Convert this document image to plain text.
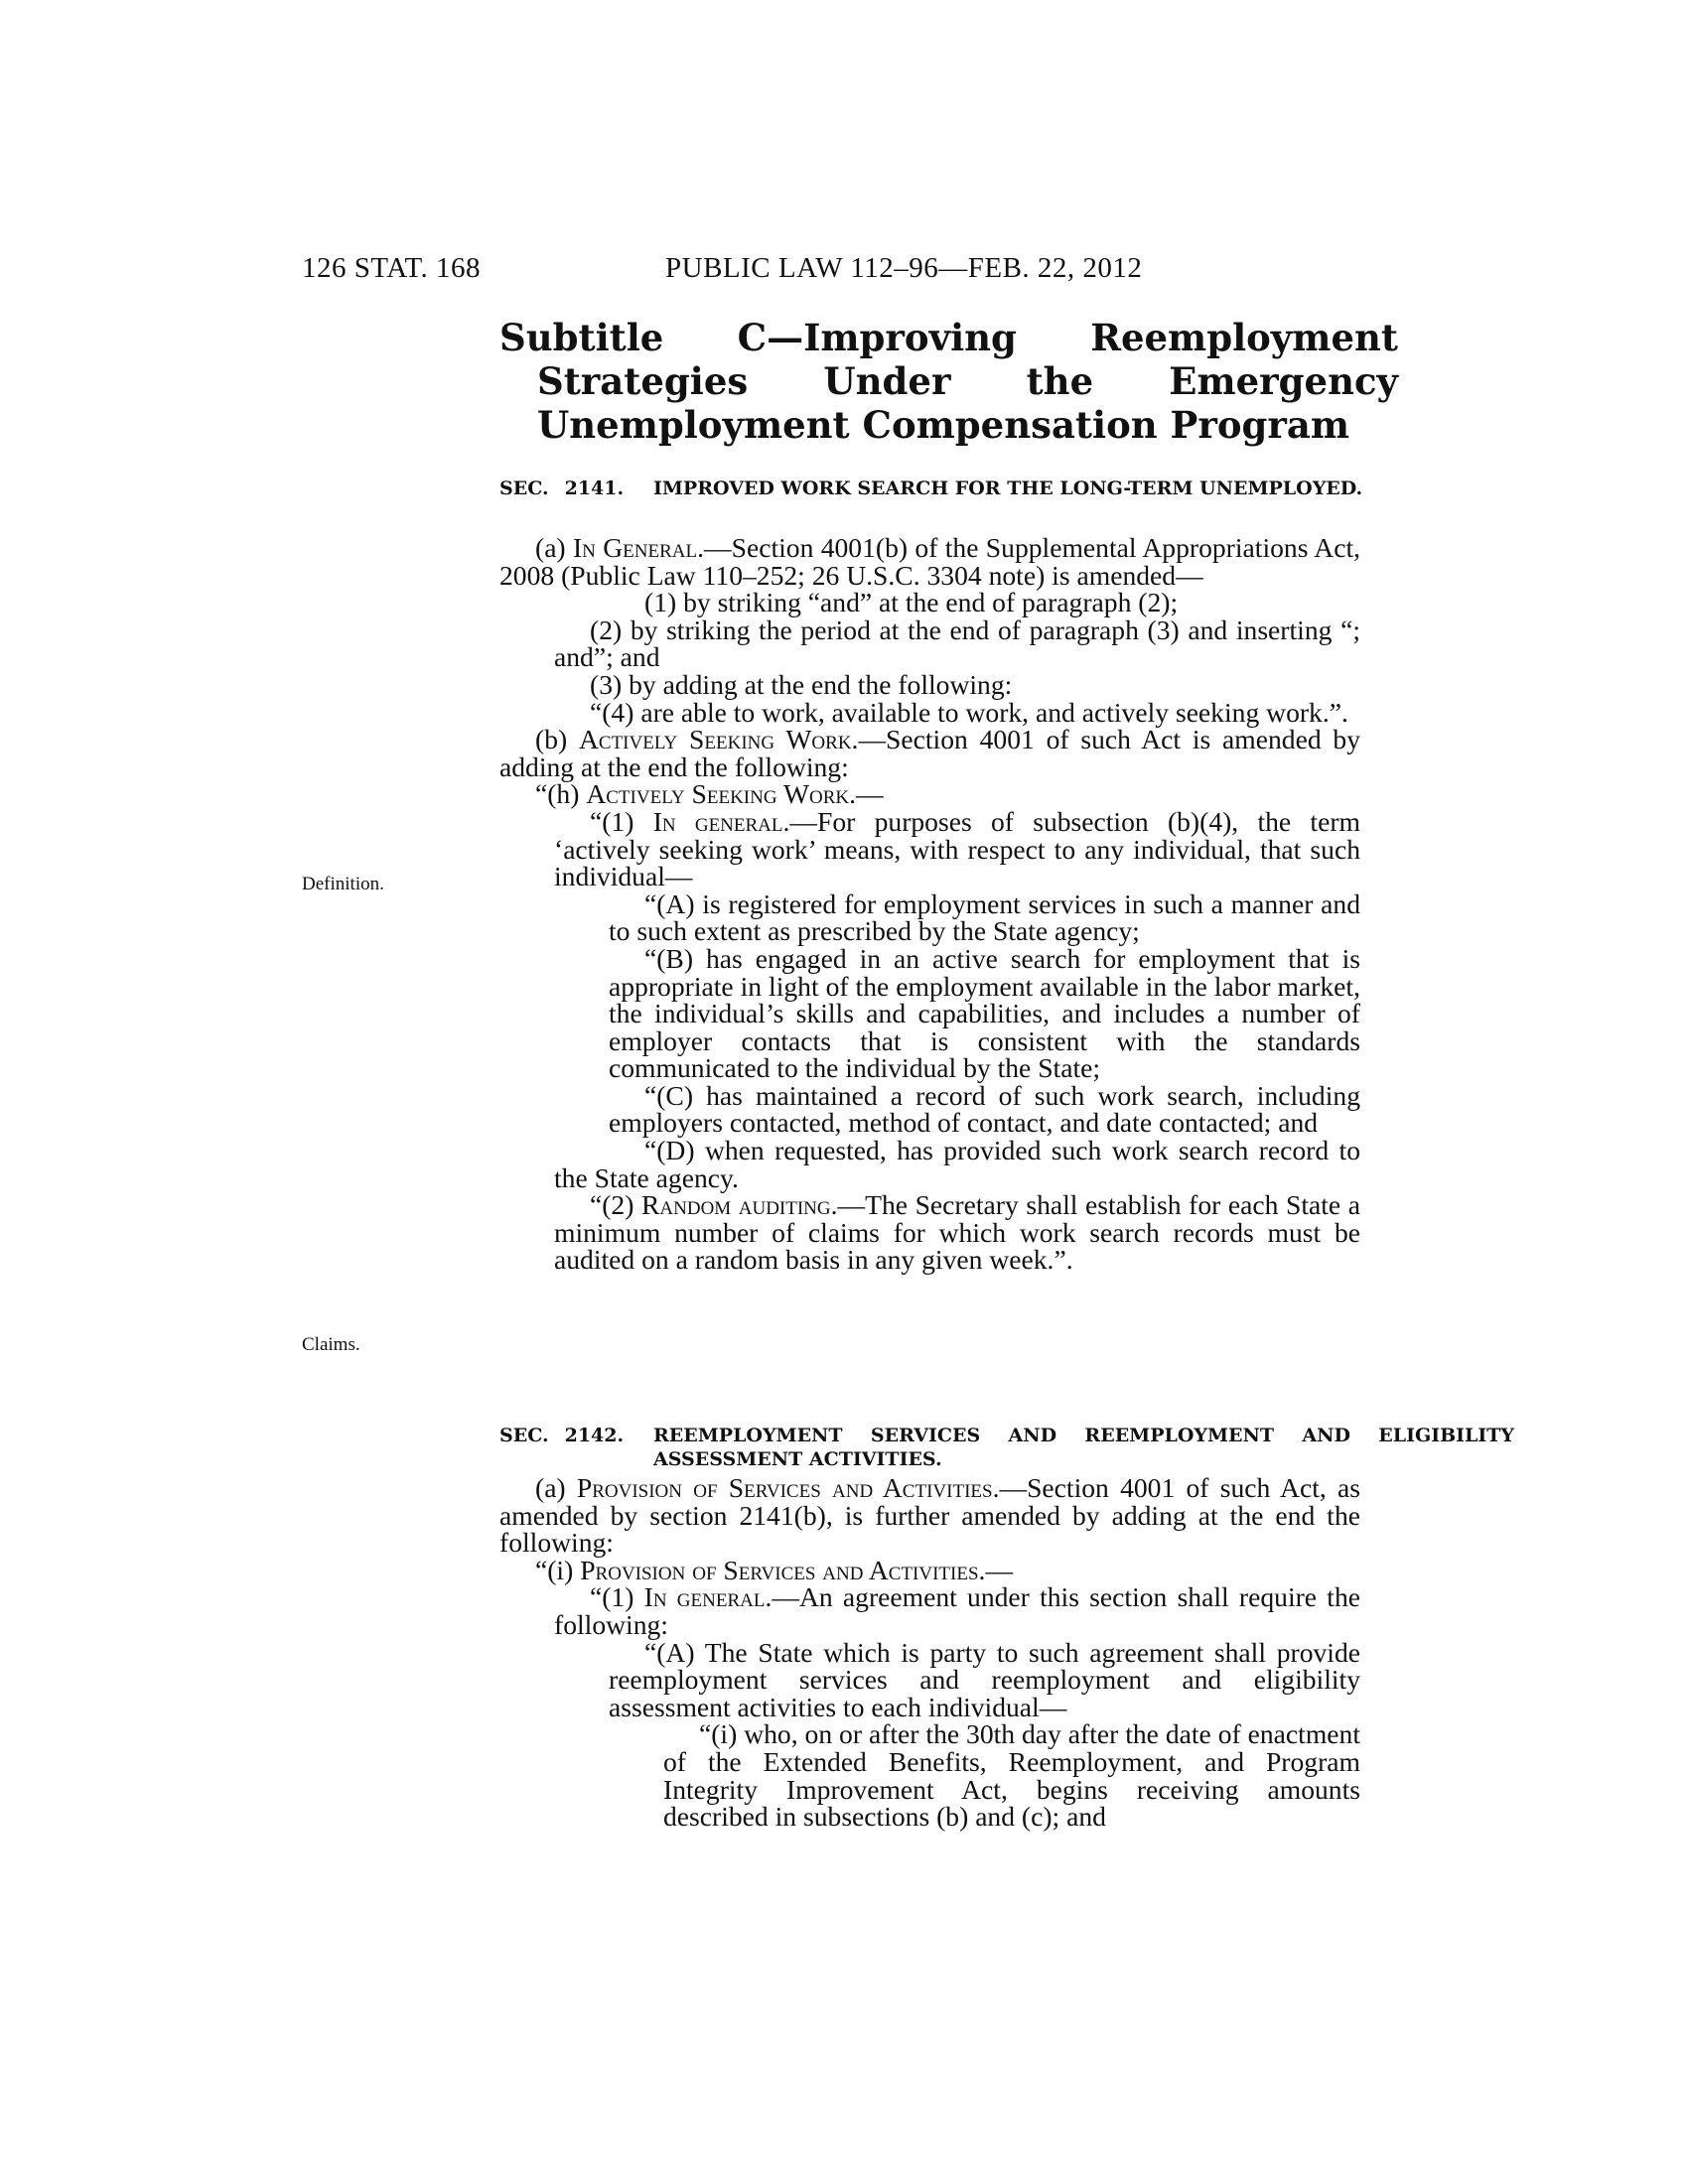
126 STAT. 168	PUBLIC LAW 112–96—FEB. 22, 2012
Subtitle C—Improving Reemployment Strategies Under the Emergency Unemployment Compensation Program
SEC. 2141. IMPROVED WORK SEARCH FOR THE LONG-TERM UNEMPLOYED.

(a) In General.—Section 4001(b) of the Supplemental Appropriations Act, 2008 (Public Law 110–252; 26 U.S.C. 3304 note) is amended—

(1) by striking “and” at the end of paragraph (2);

(2) by striking the period at the end of paragraph (3) and inserting “; and”; and

(3) by adding at the end the following:

“(4) are able to work, available to work, and actively seeking work.”.

(b) Actively Seeking Work.—Section 4001 of such Act is amended by adding at the end the following:

“(h) Actively Seeking Work.—

“(1) In general.—For purposes of subsection (b)(4), the term ‘actively seeking work’ means, with respect to any individual, that such individual—

“(A) is registered for employment services in such a manner and to such extent as prescribed by the State agency;

“(B) has engaged in an active search for employment that is appropriate in light of the employment available in the labor market, the individual’s skills and capabilities, and includes a number of employer contacts that is consistent with the standards communicated to the individual by the State;

“(C) has maintained a record of such work search, including employers contacted, method of contact, and date contacted; and

“(D) when requested, has provided such work search record to the State agency.

“(2) Random auditing.—The Secretary shall establish for each State a minimum number of claims for which work search records must be audited on a random basis in any given week.”.

Definition.
Claims.
SEC. 2142. REEMPLOYMENT SERVICES AND REEMPLOYMENT AND ELIGIBILITY ASSESSMENT ACTIVITIES.

(a) Provision of Services and Activities.—Section 4001 of such Act, as amended by section 2141(b), is further amended by adding at the end the following:

“(i) Provision of Services and Activities.—

“(1) In general.—An agreement under this section shall require the following:

“(A) The State which is party to such agreement shall provide reemployment services and reemployment and eligibility assessment activities to each individual—

“(i) who, on or after the 30th day after the date of enactment of the Extended Benefits, Reemployment, and Program Integrity Improvement Act, begins receiving amounts described in subsections (b) and (c); and
